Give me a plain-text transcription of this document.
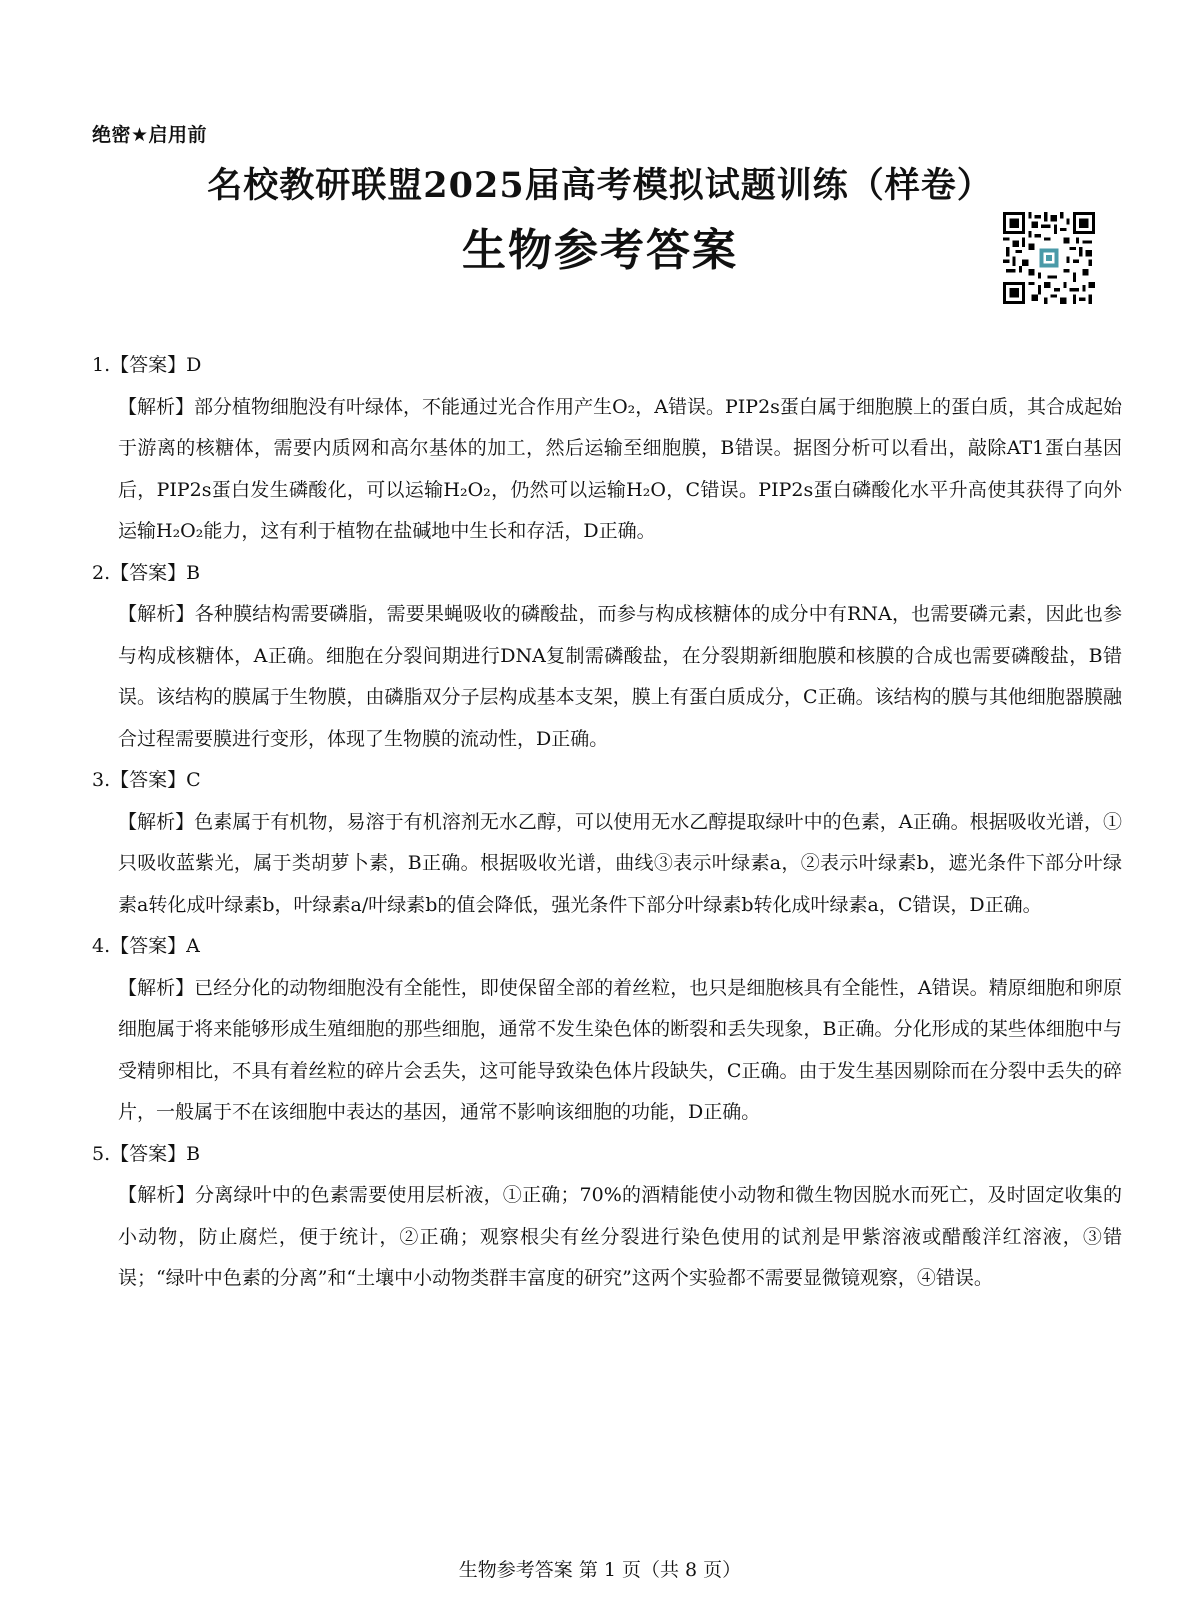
绝密★启用前
名校教研联盟2025届高考模拟试题训练（样卷）
生物参考答案

1.【答案】D

【解析】部分植物细胞没有叶绿体，不能通过光合作用产生O₂，A错误。PIP2s蛋白属于细胞膜上的蛋白质，其合成起始于游离的核糖体，需要内质网和高尔基体的加工，然后运输至细胞膜，B错误。据图分析可以看出，敲除AT1蛋白基因后，PIP2s蛋白发生磷酸化，可以运输H₂O₂，仍然可以运输H₂O，C错误。PIP2s蛋白磷酸化水平升高使其获得了向外运输H₂O₂能力，这有利于植物在盐碱地中生长和存活，D正确。

2.【答案】B

【解析】各种膜结构需要磷脂，需要果蝇吸收的磷酸盐，而参与构成核糖体的成分中有RNA，也需要磷元素，因此也参与构成核糖体，A正确。细胞在分裂间期进行DNA复制需磷酸盐，在分裂期新细胞膜和核膜的合成也需要磷酸盐，B错误。该结构的膜属于生物膜，由磷脂双分子层构成基本支架，膜上有蛋白质成分，C正确。该结构的膜与其他细胞器膜融合过程需要膜进行变形，体现了生物膜的流动性，D正确。

3.【答案】C

【解析】色素属于有机物，易溶于有机溶剂无水乙醇，可以使用无水乙醇提取绿叶中的色素，A正确。根据吸收光谱，①只吸收蓝紫光，属于类胡萝卜素，B正确。根据吸收光谱，曲线③表示叶绿素a，②表示叶绿素b，遮光条件下部分叶绿素a转化成叶绿素b，叶绿素a/叶绿素b的值会降低，强光条件下部分叶绿素b转化成叶绿素a，C错误，D正确。

4.【答案】A

【解析】已经分化的动物细胞没有全能性，即使保留全部的着丝粒，也只是细胞核具有全能性，A错误。精原细胞和卵原细胞属于将来能够形成生殖细胞的那些细胞，通常不发生染色体的断裂和丢失现象，B正确。分化形成的某些体细胞中与受精卵相比，不具有着丝粒的碎片会丢失，这可能导致染色体片段缺失，C正确。由于发生基因剔除而在分裂中丢失的碎片，一般属于不在该细胞中表达的基因，通常不影响该细胞的功能，D正确。

5.【答案】B

【解析】分离绿叶中的色素需要使用层析液，①正确；70%的酒精能使小动物和微生物因脱水而死亡，及时固定收集的小动物，防止腐烂，便于统计，②正确；观察根尖有丝分裂进行染色使用的试剂是甲紫溶液或醋酸洋红溶液，③错误；“绿叶中色素的分离”和“土壤中小动物类群丰富度的研究”这两个实验都不需要显微镜观察，④错误。

生物参考答案 第 1 页（共 8 页）
